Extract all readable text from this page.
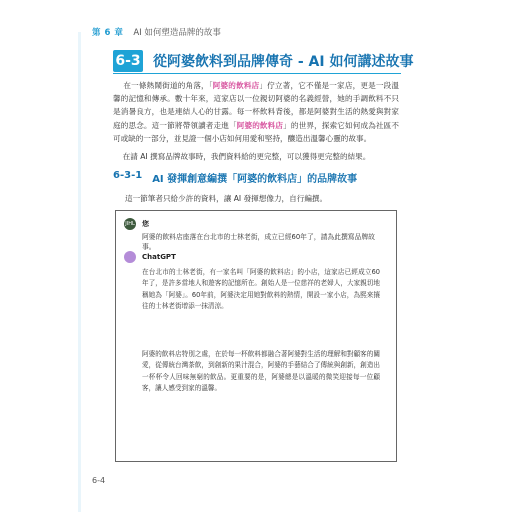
第 6 章 AI 如何塑造品牌的故事
6-3 從阿婆飲料到品牌傳奇 - AI 如何講述故事
在一條熱鬧街道的角落，「阿婆的飲料店」佇立著，它不僅是一家店，更是一段溫馨的記憶和傳承。數十年來，這家店以一位親切阿婆的名義經營，她的手調飲料不只是消暑良方，也是連結人心的甘露。每一杯飲料背後，都是阿婆對生活的熱愛與對家庭的思念。這一節將帶領讀者走進「阿婆的飲料店」的世界，探索它如何成為社區不可或缺的一部分，並見證一個小店如何用愛和堅持，釀造出溫馨心靈的故事。
在請 AI 撰寫品牌故事時，我們資料給的更完整，可以獲得更完整的結果。
6-3-1 AI 發揮創意編撰「阿婆的飲料店」的品牌故事
這一節筆者只給少許的資料，讓 AI 發揮想像力，自行編撰。
JIHL 您
阿婆的飲料店座落在台北市的士林老街，成立已經60年了，請為此撰寫品牌故事。
ChatGPT
在台北市的士林老街，有一家名叫「阿婆的飲料店」的小店，這家店已經成立60年了，是許多當地人和遊客的記憶所在。創始人是一位慈祥的老婦人，大家親切地稱她為「阿婆」。60年前，阿婆決定用她對飲料的熱情，開設一家小店，為熙來攘往的士林老街增添一抹清涼。
阿婆的飲料店特別之處，在於每一杯飲料都融合著阿婆對生活的理解和對顧客的關愛，從傳統台灣茶飲，到創新的果汁混合，阿婆的手藝結合了傳統與創新，創造出一杯杯令人回味無窮的飲品。更重要的是，阿婆總是以溫暖的微笑迎接每一位顧客，讓人感受到家的溫馨。
6-4
